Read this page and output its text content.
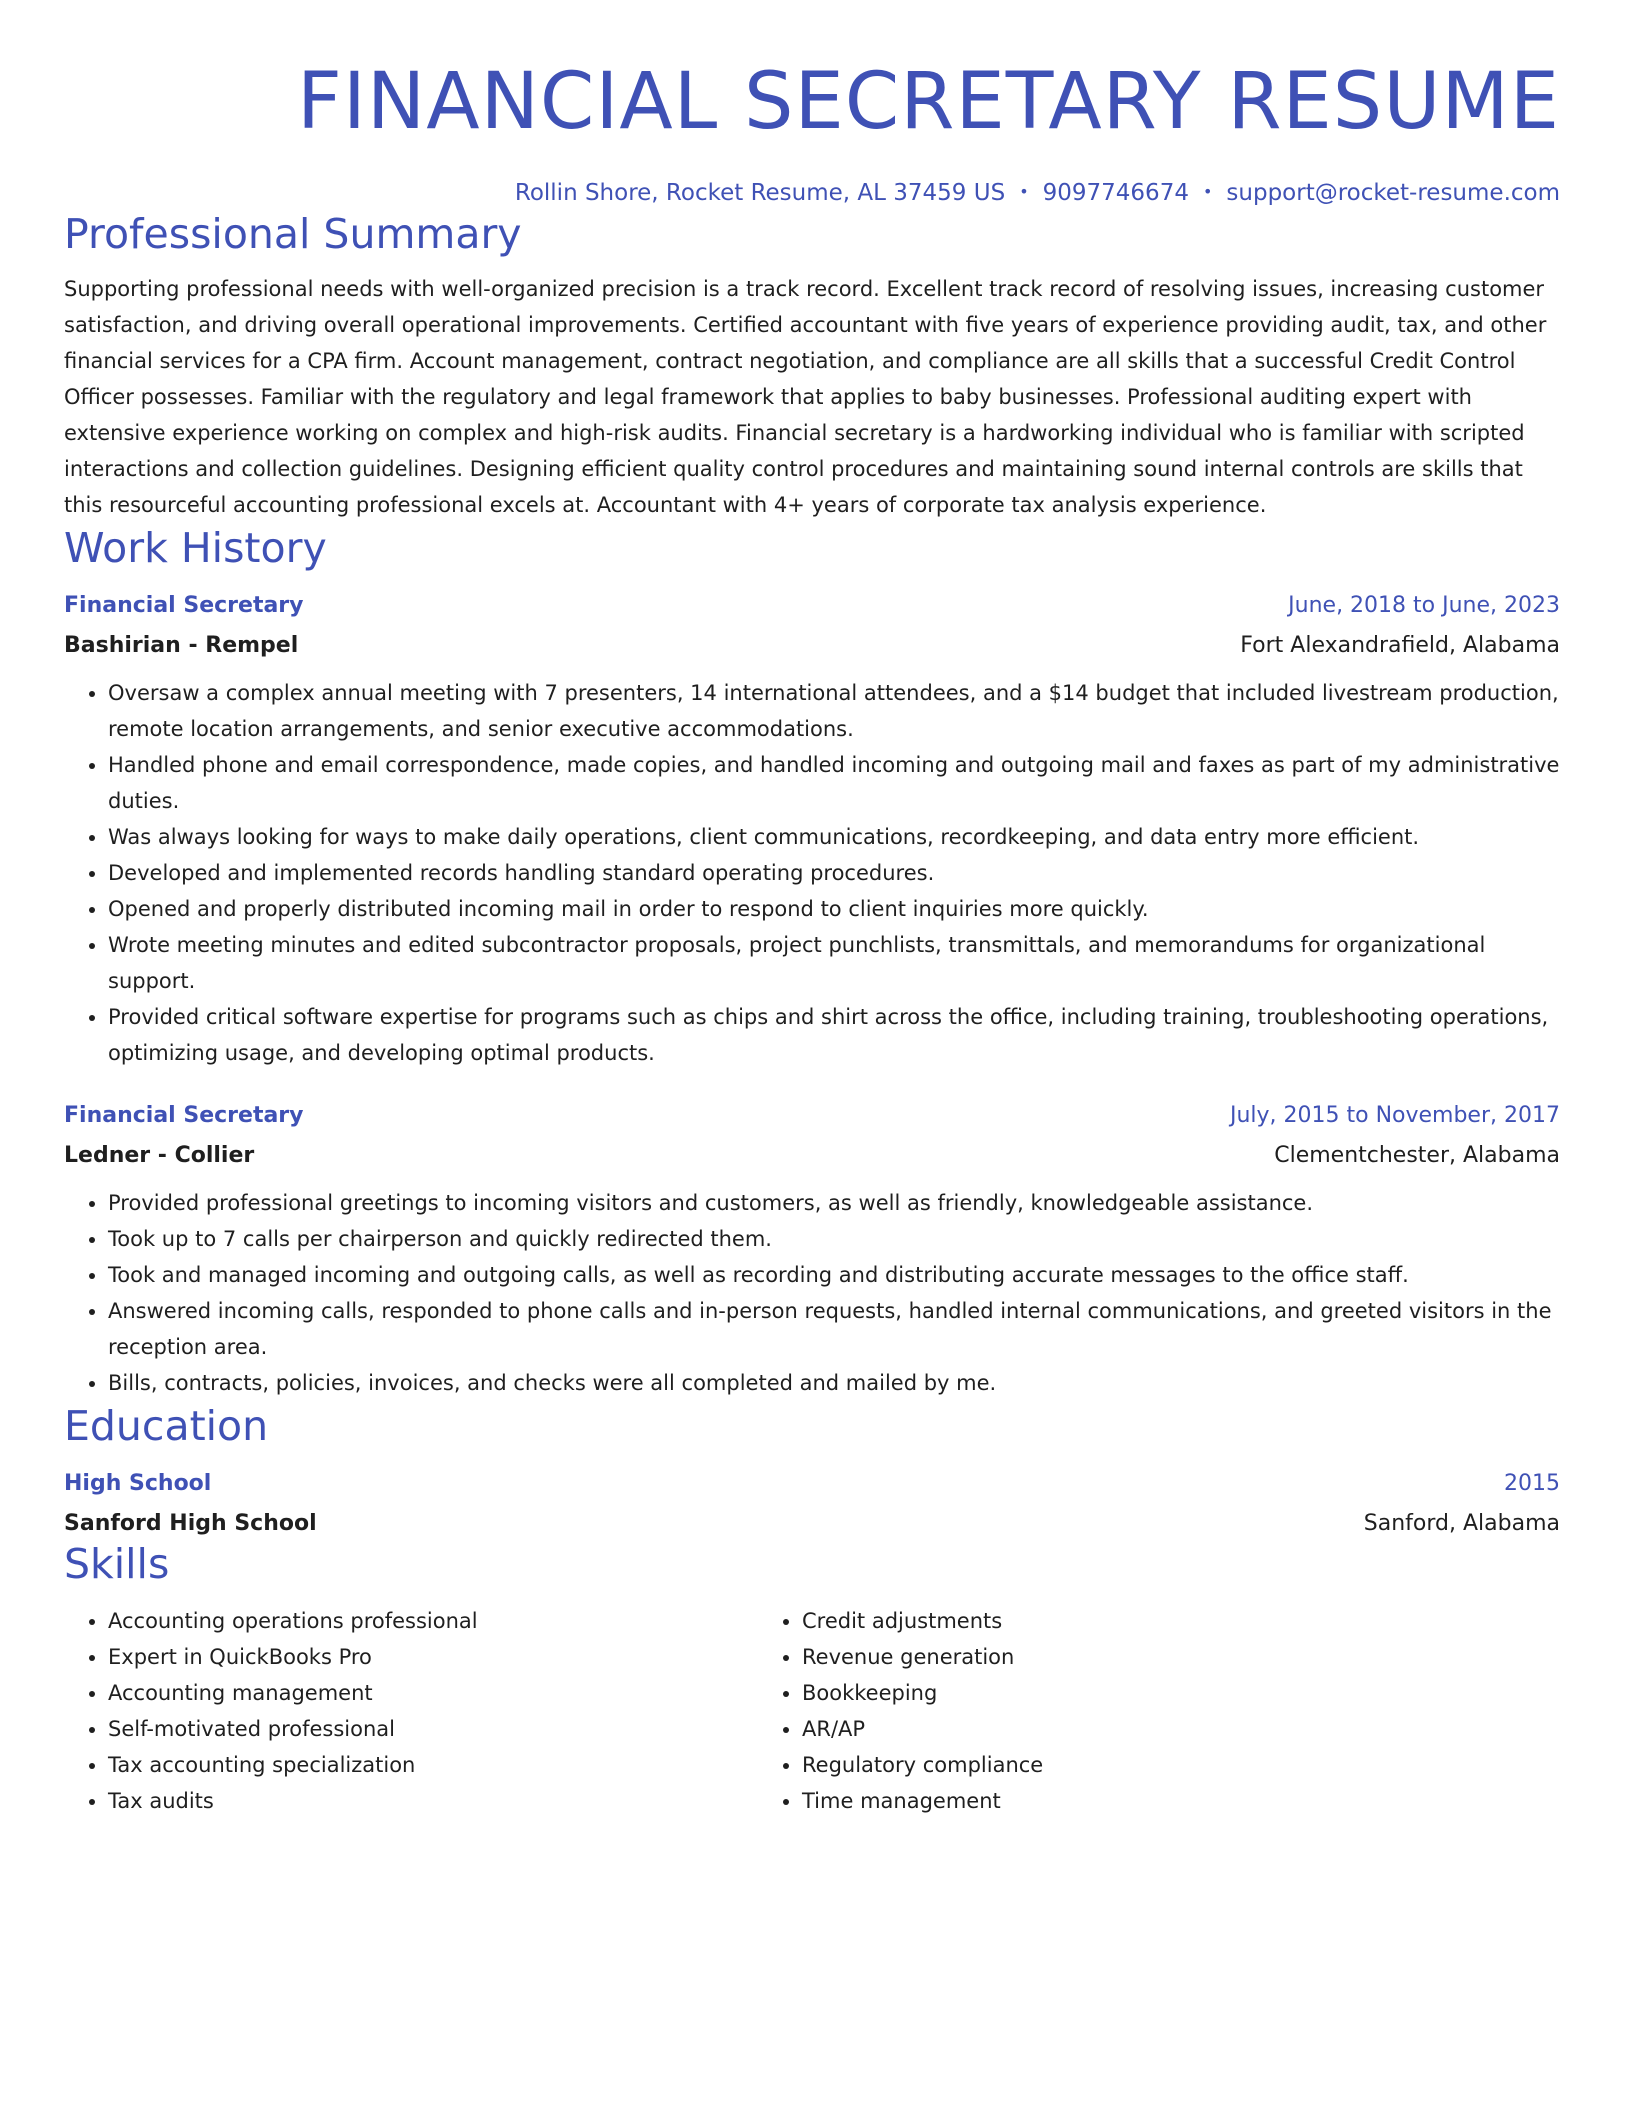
FINANCIAL SECRETARY RESUME
Rollin Shore, Rocket Resume, AL 37459 US • 9097746674 • support@rocket-resume.com
Professional Summary
Supporting professional needs with well-organized precision is a track record. Excellent track record of resolving issues, increasing customer satisfaction, and driving overall operational improvements. Certified accountant with five years of experience providing audit, tax, and other financial services for a CPA firm. Account management, contract negotiation, and compliance are all skills that a successful Credit Control Officer possesses. Familiar with the regulatory and legal framework that applies to baby businesses. Professional auditing expert with extensive experience working on complex and high-risk audits. Financial secretary is a hardworking individual who is familiar with scripted interactions and collection guidelines. Designing efficient quality control procedures and maintaining sound internal controls are skills that this resourceful accounting professional excels at. Accountant with 4+ years of corporate tax analysis experience.
Work History
Financial Secretary	June, 2018 to June, 2023
Bashirian - Rempel	Fort Alexandrafield, Alabama
• Oversaw a complex annual meeting with 7 presenters, 14 international attendees, and a $14 budget that included livestream production, remote location arrangements, and senior executive accommodations.
• Handled phone and email correspondence, made copies, and handled incoming and outgoing mail and faxes as part of my administrative duties.
• Was always looking for ways to make daily operations, client communications, recordkeeping, and data entry more efficient.
• Developed and implemented records handling standard operating procedures.
• Opened and properly distributed incoming mail in order to respond to client inquiries more quickly.
• Wrote meeting minutes and edited subcontractor proposals, project punchlists, transmittals, and memorandums for organizational support.
• Provided critical software expertise for programs such as chips and shirt across the office, including training, troubleshooting operations, optimizing usage, and developing optimal products.
Financial Secretary	July, 2015 to November, 2017
Ledner - Collier	Clementchester, Alabama
• Provided professional greetings to incoming visitors and customers, as well as friendly, knowledgeable assistance.
• Took up to 7 calls per chairperson and quickly redirected them.
• Took and managed incoming and outgoing calls, as well as recording and distributing accurate messages to the office staff.
• Answered incoming calls, responded to phone calls and in-person requests, handled internal communications, and greeted visitors in the reception area.
• Bills, contracts, policies, invoices, and checks were all completed and mailed by me.
Education
High School	2015
Sanford High School	Sanford, Alabama
Skills
• Accounting operations professional
• Expert in QuickBooks Pro
• Accounting management
• Self-motivated professional
• Tax accounting specialization
• Tax audits
• Credit adjustments
• Revenue generation
• Bookkeeping
• AR/AP
• Regulatory compliance
• Time management
